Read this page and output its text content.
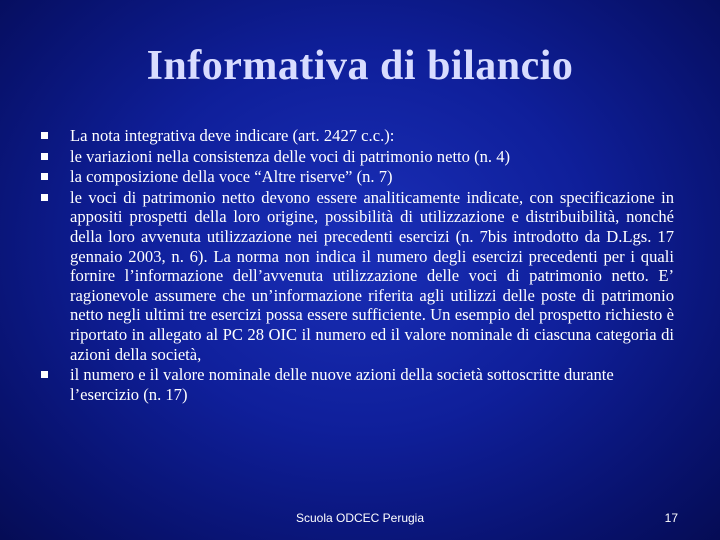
Informativa di bilancio
La nota integrativa deve indicare (art. 2427 c.c.):
le variazioni nella consistenza delle voci di patrimonio netto (n. 4)
la composizione della voce “Altre riserve” (n. 7)
le voci di patrimonio netto devono essere analiticamente indicate, con specificazione in appositi prospetti della loro origine, possibilità di utilizzazione e distribuibilità, nonché della loro avvenuta utilizzazione nei precedenti esercizi (n. 7bis introdotto da D.Lgs. 17 gennaio 2003, n. 6). La norma non indica il numero degli esercizi precedenti per i quali fornire l’informazione dell’avvenuta utilizzazione delle voci di patrimonio netto. E’ ragionevole assumere che un’informazione riferita agli utilizzi delle poste di patrimonio netto negli ultimi tre esercizi possa essere sufficiente. Un esempio del prospetto richiesto è riportato in allegato al PC 28 OIC il numero ed il valore nominale di ciascuna categoria di azioni della società,
il numero e il valore nominale delle nuove azioni della società sottoscritte durante l’esercizio (n. 17)
Scuola ODCEC Perugia	17
